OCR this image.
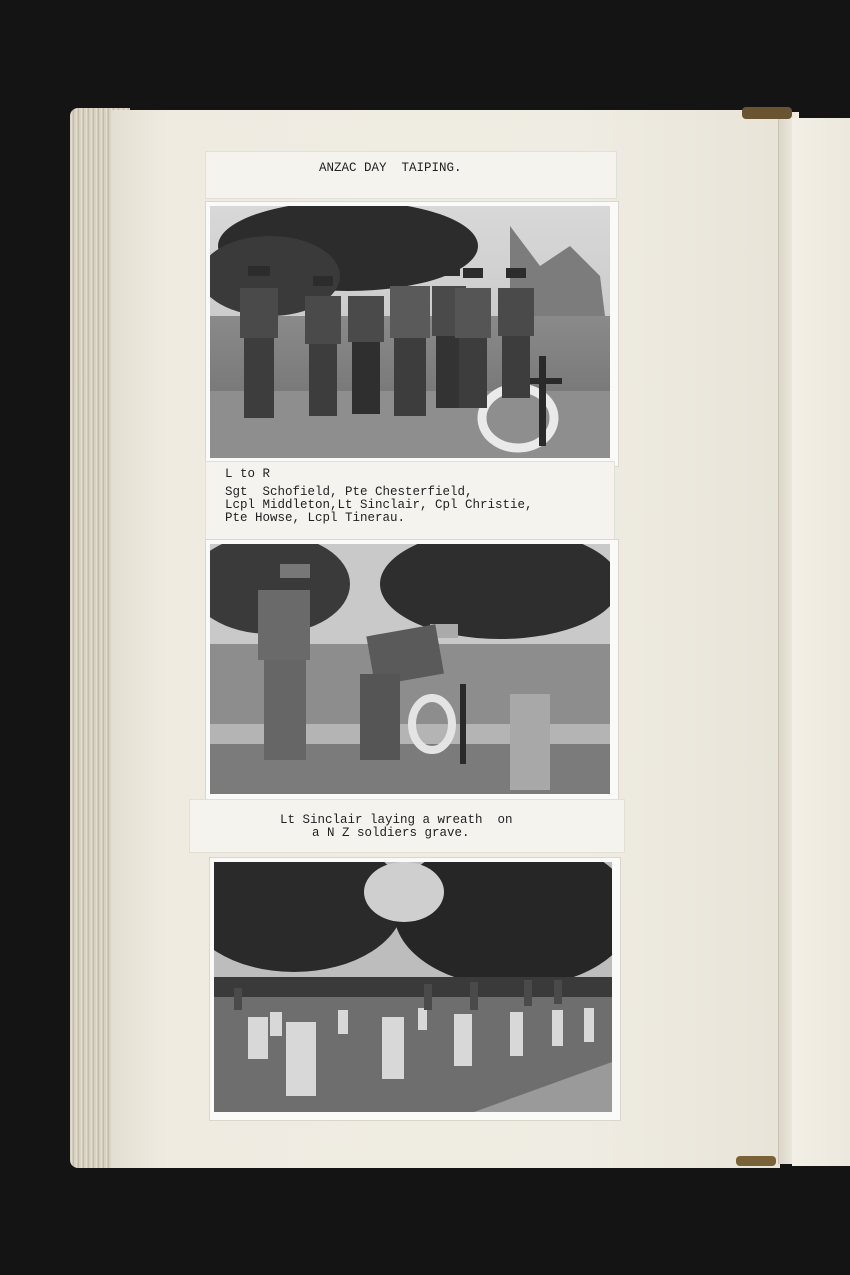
ANZAC DAY  TAIPING.
L to R
Sgt  Schofield, Pte Chesterfield,
Lcpl Middleton,Lt Sinclair, Cpl Christie,
Pte Howse, Lcpl Tinerau.
Lt Sinclair laying a wreath  on
a N Z soldiers grave.
